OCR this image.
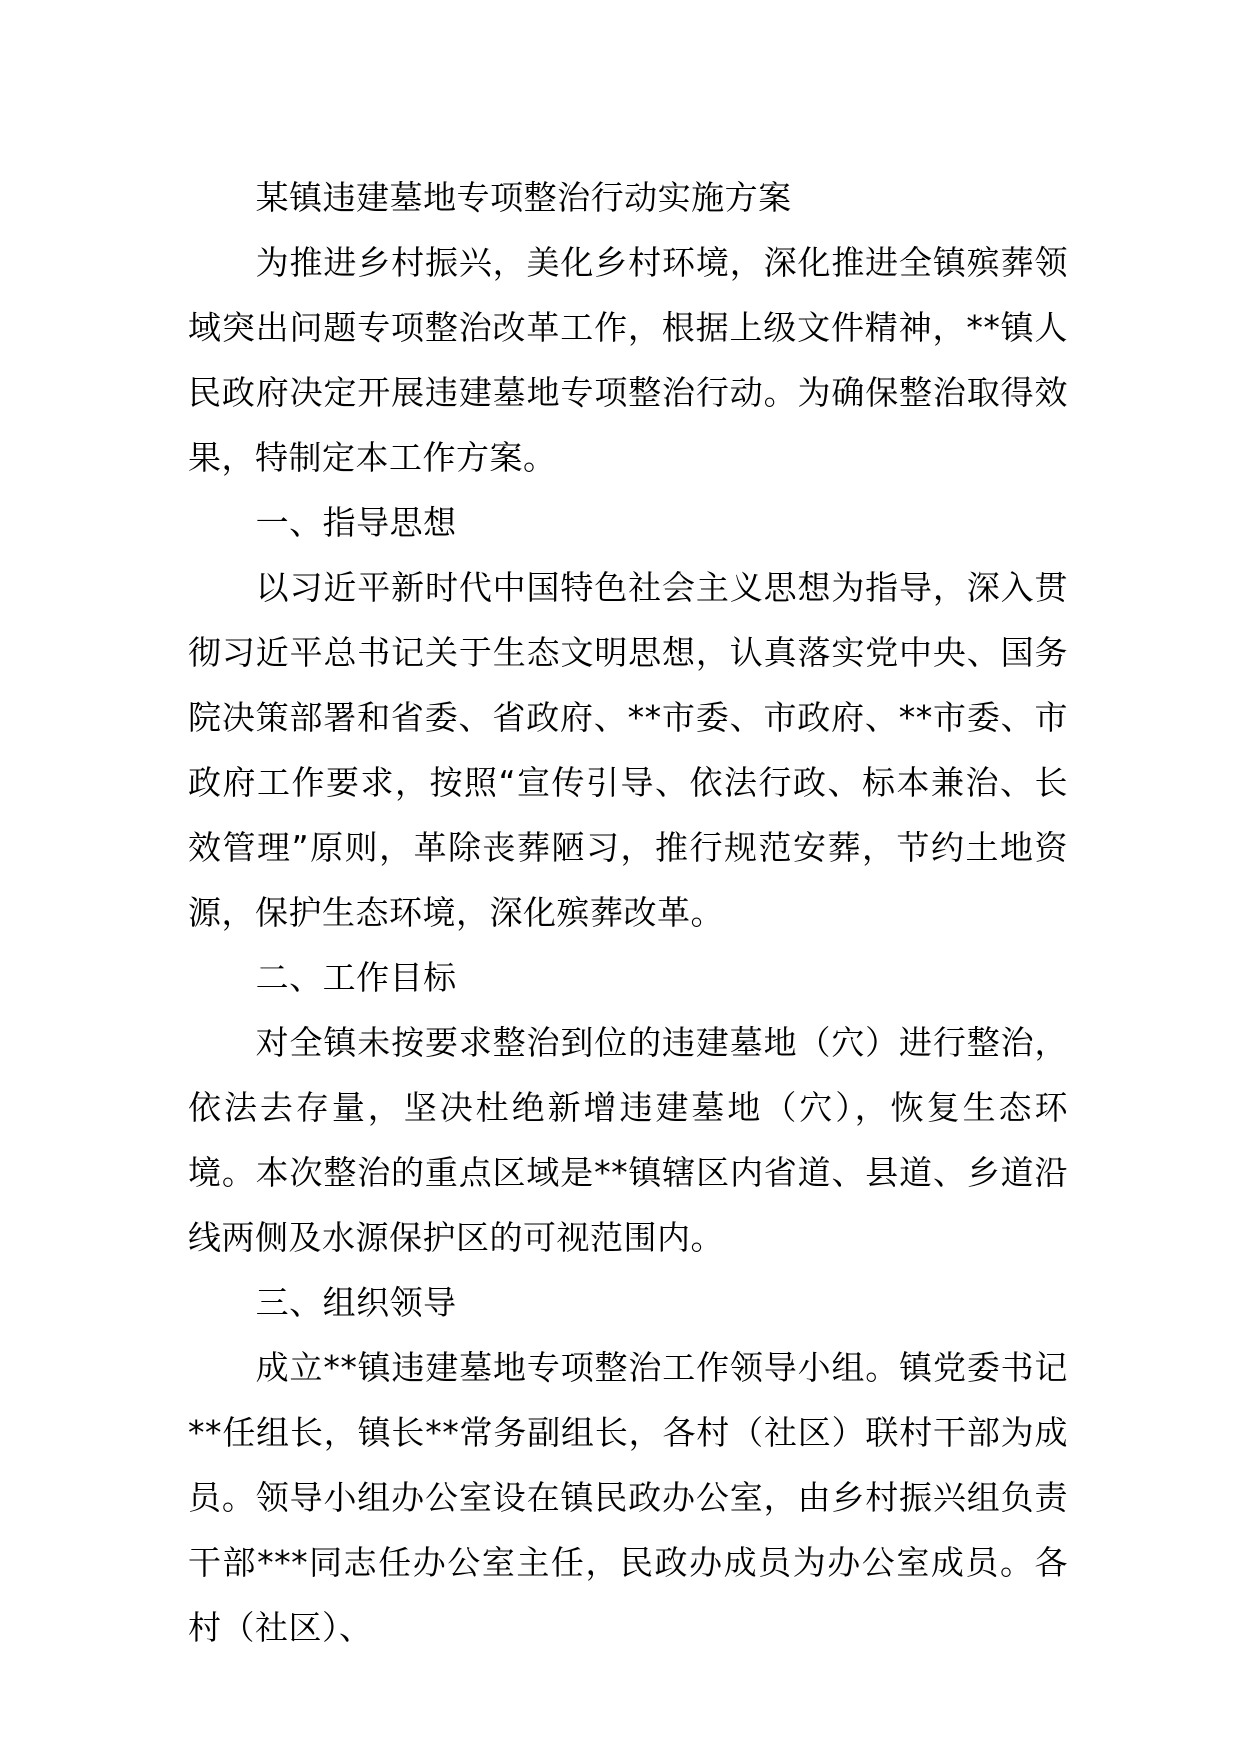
某镇违建墓地专项整治行动实施方案

为推进乡村振兴，美化乡村环境，深化推进全镇殡葬领域突出问题专项整治改革工作，根据上级文件精神，**镇人民政府决定开展违建墓地专项整治行动。为确保整治取得效果，特制定本工作方案。

一、指导思想

以习近平新时代中国特色社会主义思想为指导，深入贯彻习近平总书记关于生态文明思想，认真落实党中央、国务院决策部署和省委、省政府、**市委、市政府、**市委、市政府工作要求，按照“宣传引导、依法行政、标本兼治、长效管理”原则，革除丧葬陋习，推行规范安葬，节约土地资源，保护生态环境，深化殡葬改革。

二、工作目标

对全镇未按要求整治到位的违建墓地（穴）进行整治，依法去存量，坚决杜绝新增违建墓地（穴），恢复生态环境。本次整治的重点区域是**镇辖区内省道、县道、乡道沿线两侧及水源保护区的可视范围内。

三、组织领导

成立**镇违建墓地专项整治工作领导小组。镇党委书记**任组长，镇长**常务副组长，各村（社区）联村干部为成员。领导小组办公室设在镇民政办公室，由乡村振兴组负责干部***同志任办公室主任，民政办成员为办公室成员。各村（社区）、
